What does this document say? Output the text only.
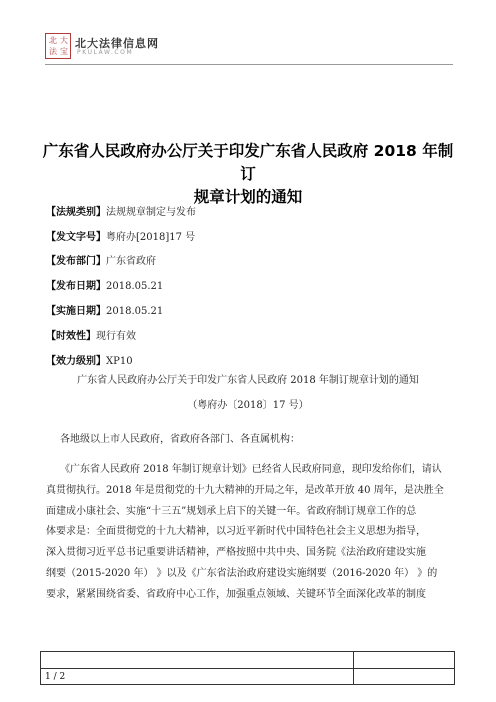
北 大
法 宝
北大法律信息网
PKULAW.COM
广东省人民政府办公厅关于印发广东省人民政府 2018 年制订
规章计划的通知
【法规类别】法规规章制定与发布
【发文字号】粤府办[2018]17 号
【发布部门】广东省政府
【发布日期】2018.05.21
【实施日期】2018.05.21
【时效性】现行有效
【效力级别】XP10
广东省人民政府办公厅关于印发广东省人民政府 2018 年制订规章计划的通知
（粤府办〔2018〕17 号）

各地级以上市人民政府，省政府各部门、各直属机构：

《广东省人民政府 2018 年制订规章计划》已经省人民政府同意，现印发给你们，请认

真贯彻执行。2018 年是贯彻党的十九大精神的开局之年，是改革开放 40 周年，是决胜全

面建成小康社会、实施“十三五”规划承上启下的关键一年。省政府制订规章工作的总

体要求是：全面贯彻党的十九大精神，以习近平新时代中国特色社会主义思想为指导，

深入贯彻习近平总书记重要讲话精神，严格按照中共中央、国务院《法治政府建设实施

纲要（2015-2020 年） 》以及《广东省法治政府建设实施纲要（2016-2020 年） 》的

要求，紧紧围绕省委、省政府中心工作，加强重点领域、关键环节全面深化改革的制度

1 / 2
